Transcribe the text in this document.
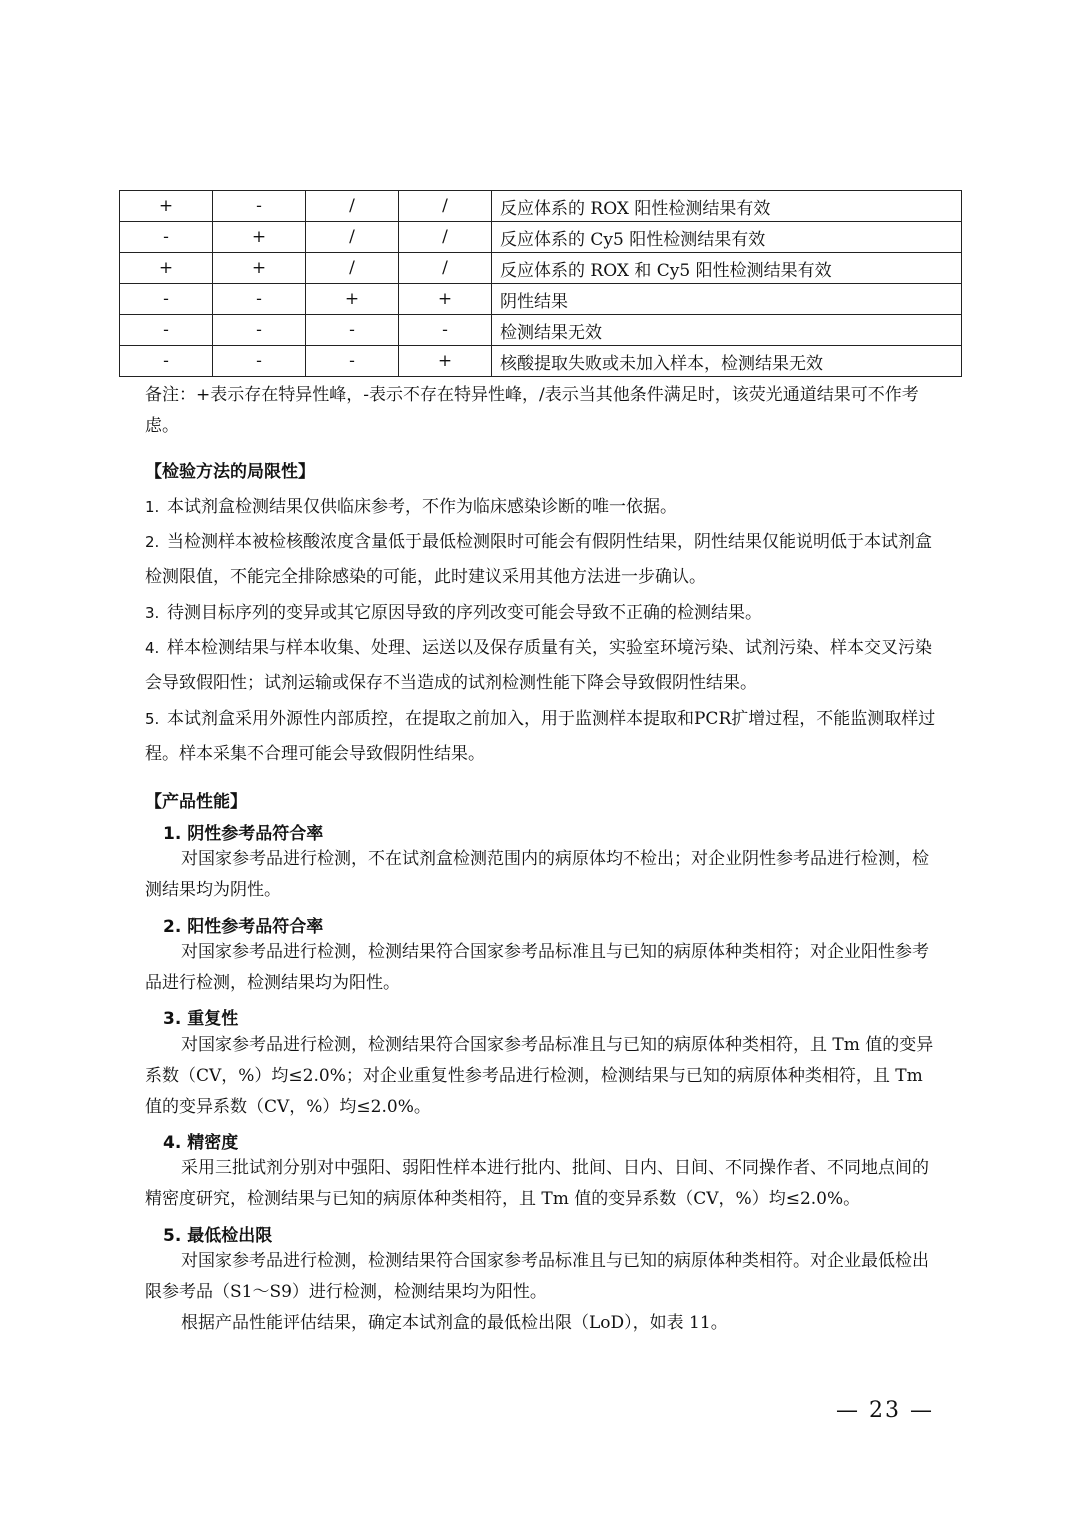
+	-	/	/	反应体系的 ROX 阳性检测结果有效
-	+	/	/	反应体系的 Cy5 阳性检测结果有效
+	+	/	/	反应体系的 ROX 和 Cy5 阳性检测结果有效
-	-	+	+	阴性结果
-	-	-	-	检测结果无效
-	-	-	+	核酸提取失败或未加入样本，检测结果无效
备注：+表示存在特异性峰，-表示不存在特异性峰，/表示当其他条件满足时，该荧光通道结果可不作考虑。
【检验方法的局限性】
1. 本试剂盒检测结果仅供临床参考，不作为临床感染诊断的唯一依据。
2. 当检测样本被检核酸浓度含量低于最低检测限时可能会有假阴性结果，阴性结果仅能说明低于本试剂盒检测限值，不能完全排除感染的可能，此时建议采用其他方法进一步确认。
3. 待测目标序列的变异或其它原因导致的序列改变可能会导致不正确的检测结果。
4. 样本检测结果与样本收集、处理、运送以及保存质量有关，实验室环境污染、试剂污染、样本交叉污染会导致假阳性；试剂运输或保存不当造成的试剂检测性能下降会导致假阴性结果。
5. 本试剂盒采用外源性内部质控，在提取之前加入，用于监测样本提取和PCR扩增过程，不能监测取样过程。样本采集不合理可能会导致假阴性结果。
【产品性能】
1. 阴性参考品符合率
对国家参考品进行检测，不在试剂盒检测范围内的病原体均不检出；对企业阴性参考品进行检测，检测结果均为阴性。
2. 阳性参考品符合率
对国家参考品进行检测，检测结果符合国家参考品标准且与已知的病原体种类相符；对企业阳性参考品进行检测，检测结果均为阳性。
3. 重复性
对国家参考品进行检测，检测结果符合国家参考品标准且与已知的病原体种类相符，且 Tm 值的变异系数（CV，%）均≤2.0%；对企业重复性参考品进行检测，检测结果与已知的病原体种类相符，且 Tm 值的变异系数（CV，%）均≤2.0%。
4. 精密度
采用三批试剂分别对中强阳、弱阳性样本进行批内、批间、日内、日间、不同操作者、不同地点间的精密度研究，检测结果与已知的病原体种类相符，且 Tm 值的变异系数（CV，%）均≤2.0%。
5. 最低检出限
对国家参考品进行检测，检测结果符合国家参考品标准且与已知的病原体种类相符。对企业最低检出限参考品（S1～S9）进行检测，检测结果均为阳性。
根据产品性能评估结果，确定本试剂盒的最低检出限（LoD），如表 11。
— 23 —
